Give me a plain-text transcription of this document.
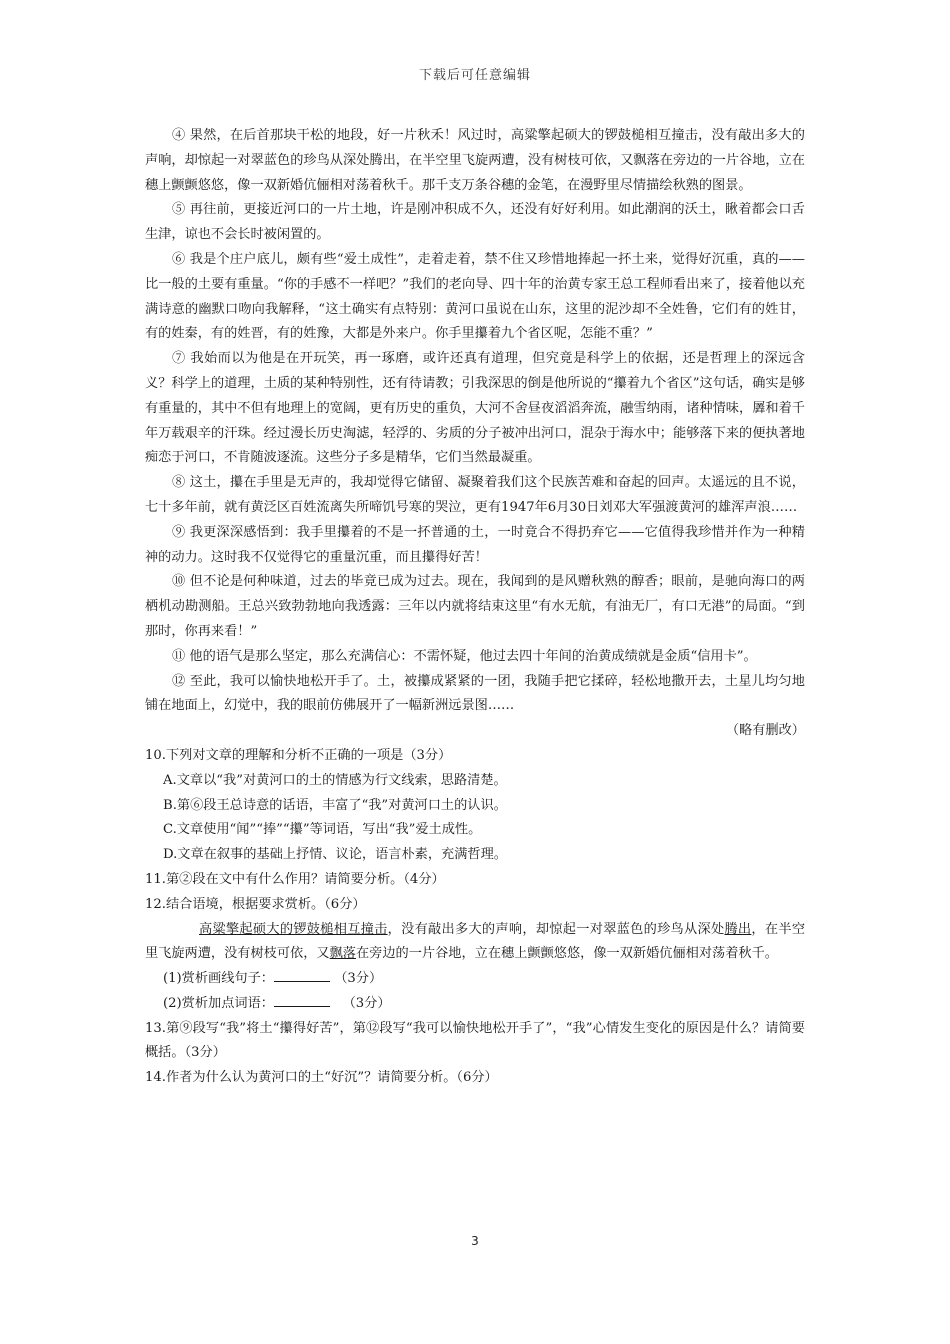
下载后可任意编辑

④ 果然，在后首那块干松的地段，好一片秋禾！风过时，高粱擎起硕大的锣鼓槌相互撞击，没有敲出多大的声响，却惊起一对翠蓝色的珍鸟从深处腾出，在半空里飞旋两遭，没有树枝可依，又飘落在旁边的一片谷地，立在穗上颤颤悠悠，像一双新婚伉俪相对荡着秋千。那千支万条谷穗的金笔，在漫野里尽情描绘秋熟的图景。

⑤ 再往前，更接近河口的一片土地，许是刚冲积成不久，还没有好好利用。如此潮润的沃土，瞅着都会口舌生津，谅也不会长时被闲置的。

⑥ 我是个庄户底儿，颇有些“爱土成性”，走着走着，禁不住又珍惜地捧起一抔土来，觉得好沉重，真的——比一般的土要有重量。“你的手感不一样吧？”我们的老向导、四十年的治黄专家王总工程师看出来了，接着他以充满诗意的幽默口吻向我解释，“这土确实有点特别：黄河口虽说在山东，这里的泥沙却不全姓鲁，它们有的姓甘，有的姓秦，有的姓晋，有的姓豫，大都是外来户。你手里攥着九个省区呢，怎能不重？”

⑦ 我始而以为他是在开玩笑，再一琢磨，或许还真有道理，但究竟是科学上的依据，还是哲理上的深远含义？科学上的道理，土质的某种特别性，还有待请教；引我深思的倒是他所说的“攥着九个省区”这句话，确实是够有重量的，其中不但有地理上的宽阔，更有历史的重负，大河不舍昼夜滔滔奔流，融雪纳雨，诸种情味，羼和着千年万载艰辛的汗珠。经过漫长历史淘滤，轻浮的、劣质的分子被冲出河口，混杂于海水中；能够落下来的便执著地痴恋于河口，不肯随波逐流。这些分子多是精华，它们当然最凝重。

⑧ 这土，攥在手里是无声的，我却觉得它储留、凝聚着我们这个民族苦难和奋起的回声。太遥远的且不说，七十多年前，就有黄泛区百姓流离失所啼饥号寒的哭泣，更有1947年6月30日刘邓大军强渡黄河的雄浑声浪……

⑨ 我更深深感悟到：我手里攥着的不是一抔普通的土，一时竟合不得扔弃它——它值得我珍惜并作为一种精神的动力。这时我不仅觉得它的重量沉重，而且攥得好苦！

⑩ 但不论是何种味道，过去的毕竟已成为过去。现在，我闻到的是风赠秋熟的醇香；眼前，是驰向海口的两栖机动勘测船。王总兴致勃勃地向我透露：三年以内就将结束这里“有水无航，有油无厂，有口无港”的局面。“到那时，你再来看！”

⑪ 他的语气是那么坚定，那么充满信心：不需怀疑，他过去四十年间的治黄成绩就是金质“信用卡”。

⑫ 至此，我可以愉快地松开手了。土，被攥成紧紧的一团，我随手把它揉碎，轻松地撒开去，土星儿均匀地铺在地面上，幻觉中，我的眼前仿佛展开了一幅新洲远景图……

（略有删改）

10.下列对文章的理解和分析不正确的一项是（3分）

A.文章以“我”对黄河口的土的情感为行文线索，思路清楚。

B.第⑥段王总诗意的话语，丰富了“我”对黄河口土的认识。

C.文章使用“闻”“捧”“攥”等词语，写出“我”爱土成性。

D.文章在叙事的基础上抒情、议论，语言朴素，充满哲理。

11.第②段在文中有什么作用？请简要分析。（4分）

12.结合语境，根据要求赏析。（6分）

高粱擎起硕大的锣鼓槌相互撞击，没有敲出多大的声响，却惊起一对翠蓝色的珍鸟从深处腾出，在半空里飞旋两遭，没有树枝可依，又飘落在旁边的一片谷地，立在穗上颤颤悠悠，像一双新婚伉俪相对荡着秋千。

(1)赏析画线句子：	（3分）

(2)赏析加点词语：	（3分）

13.第⑨段写“我”将土“攥得好苦”，第⑫段写“我可以愉快地松开手了”，“我”心情发生变化的原因是什么？请简要概括。（3分）

14.作者为什么认为黄河口的土“好沉”？请简要分析。（6分）

3
